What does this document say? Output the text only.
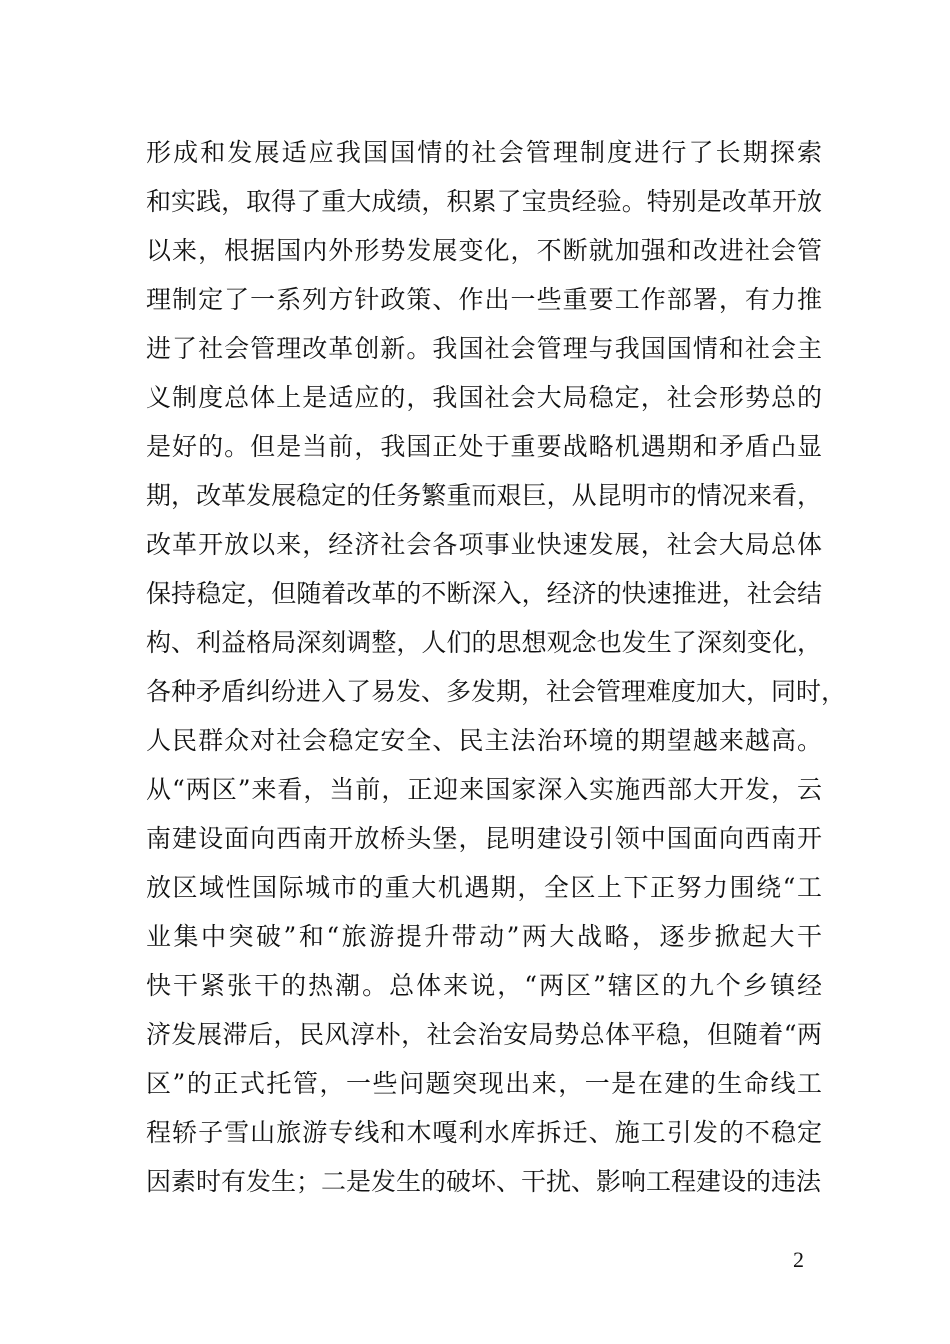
形成和发展适应我国国情的社会管理制度进行了长期探索
和实践，取得了重大成绩，积累了宝贵经验。特别是改革开放
以来，根据国内外形势发展变化，不断就加强和改进社会管
理制定了一系列方针政策、作出一些重要工作部署，有力推
进了社会管理改革创新。我国社会管理与我国国情和社会主
义制度总体上是适应的，我国社会大局稳定，社会形势总的
是好的。但是当前，我国正处于重要战略机遇期和矛盾凸显
期，改革发展稳定的任务繁重而艰巨，从昆明市的情况来看，
改革开放以来，经济社会各项事业快速发展，社会大局总体
保持稳定，但随着改革的不断深入，经济的快速推进，社会结
构、利益格局深刻调整，人们的思想观念也发生了深刻变化，
各种矛盾纠纷进入了易发、多发期，社会管理难度加大，同时，
人民群众对社会稳定安全、民主法治环境的期望越来越高。
从“两区”来看，当前，正迎来国家深入实施西部大开发，云
南建设面向西南开放桥头堡，昆明建设引领中国面向西南开
放区域性国际城市的重大机遇期，全区上下正努力围绕“工
业集中突破”和“旅游提升带动”两大战略，逐步掀起大干
快干紧张干的热潮。总体来说，“两区”辖区的九个乡镇经
济发展滞后，民风淳朴，社会治安局势总体平稳，但随着“两
区”的正式托管，一些问题突现出来，一是在建的生命线工
程轿子雪山旅游专线和木嘎利水库拆迁、施工引发的不稳定
因素时有发生；二是发生的破坏、干扰、影响工程建设的违法
2
